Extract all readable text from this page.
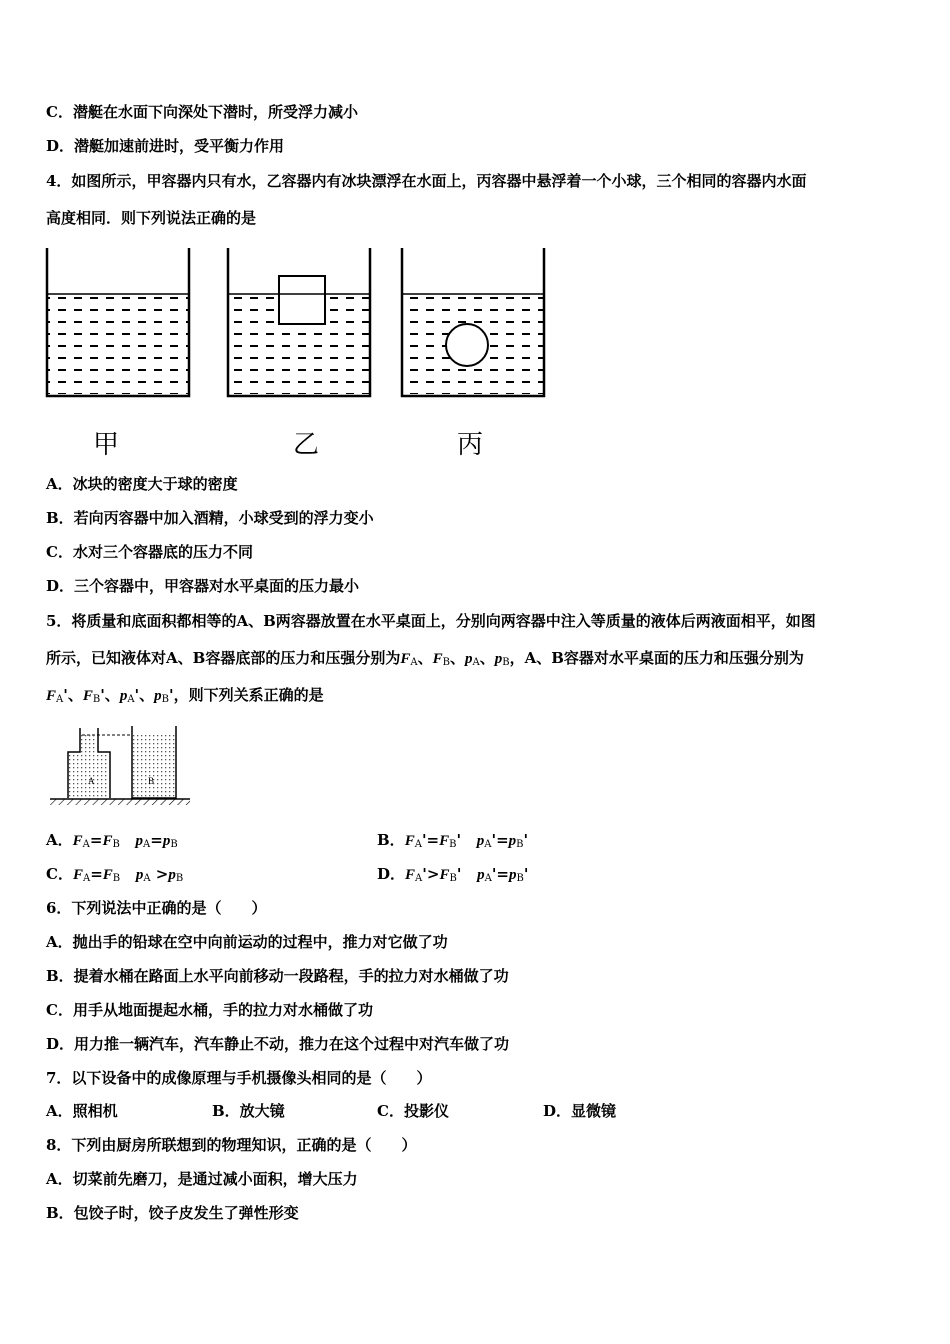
C．潜艇在水面下向深处下潜时，所受浮力减小
D．潜艇加速前进时，受平衡力作用
4．如图所示，甲容器内只有水，乙容器内有冰块漂浮在水面上，丙容器中悬浮着一个小球，三个相同的容器内水面
高度相同．则下列说法正确的是
甲	乙	丙
A．冰块的密度大于球的密度
B．若向丙容器中加入酒精，小球受到的浮力变小
C．水对三个容器底的压力不同
D．三个容器中，甲容器对水平桌面的压力最小
5．将质量和底面积都相等的A、B两容器放置在水平桌面上，分别向两容器中注入等质量的液体后两液面相平，如图
所示，已知液体对A、B容器底部的压力和压强分别为$F_A$、$F_B$、$p_A$、$p_B$，A、B容器对水平桌面的压力和压强分别为
$F_A'$、$F_B'$、$p_A'$、$p_B'$，则下列关系正确的是
A	B
A．$F_A=F_B$ $p_A=p_B$	B．$F_A'=F_B'$   $p_A'=p_B'$
C．$F_A=F_B$ $p_A >p_B$	D．$F_A'>F_B'$   $p_A'=p_B'$
6．下列说法中正确的是（　　）
A．抛出手的铅球在空中向前运动的过程中，推力对它做了功
B．提着水桶在路面上水平向前移动一段路程，手的拉力对水桶做了功
C．用手从地面提起水桶，手的拉力对水桶做了功
D．用力推一辆汽车，汽车静止不动，推力在这个过程中对汽车做了功
7．以下设备中的成像原理与手机摄像头相同的是（　　）
A．照相机	B．放大镜	C．投影仪	D．显微镜
8．下列由厨房所联想到的物理知识，正确的是（　　）
A．切菜前先磨刀，是通过减小面积，增大压力
B．包饺子时，饺子皮发生了弹性形变
